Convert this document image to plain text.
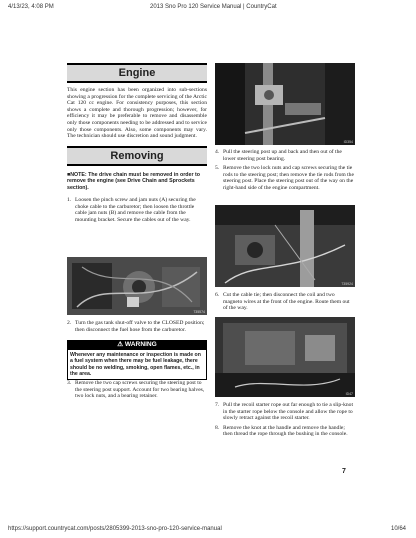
4/13/23, 4:08 PM	2013 Sno Pro 120 Service Manual | CountryCat
Engine

This engine section has been organized into sub-sections showing a progression for the complete servicing of the Arctic Cat 120 cc engine. For consistency purposes, this section shows a complete and thorough progression; however, for efficiency it may be preferable to remove and disassemble only those components needing to be addressed and to service only those components. Also, some components may vary. The technician should use discretion and sound judgment.

Removing

■NOTE: The drive chain must be removed in order to remove the engine (see Drive Chain and Sprockets section).

1. Loosen the pinch screw and jam nuts (A) securing the choke cable to the carburetor; then loosen the throttle cable jam nuts (B) and remove the cable from the mounting bracket. Secure the cables out of the way.
735574
2. Turn the gas tank shut-off valve to the CLOSED position; then disconnect the fuel hose from the carburetor.
⚠ WARNING
Whenever any maintenance or inspection is made on a fuel system when there may be fuel leakage, there should be no welding, smoking, open flames, etc., in the area.
3. Remove the two cap screws securing the steering post to the steering post support. Account for two bearing halves, two lock nuts, and a bearing retainer.
ID354
4. Pull the steering post up and back and then out of the lower steering post bearing.
5. Remove the two lock nuts and cap screws securing the tie rods to the steering post; then remove the tie rods from the steering post. Place the steering post out of the way on the right-hand side of the engine compartment.
735924
6. Cut the cable tie; then disconnect the coil and two magneto wires at the front of the engine. Route them out of the way.
ID47
7. Pull the recoil starter rope out far enough to tie a slip-knot in the starter rope below the console and allow the rope to slowly retract against the recoil starter.
8. Remove the knot at the handle and remove the handle; then thread the rope through the bushing in the console.
7
https://support.countrycat.com/posts/2805399-2013-sno-pro-120-service-manual	10/64
